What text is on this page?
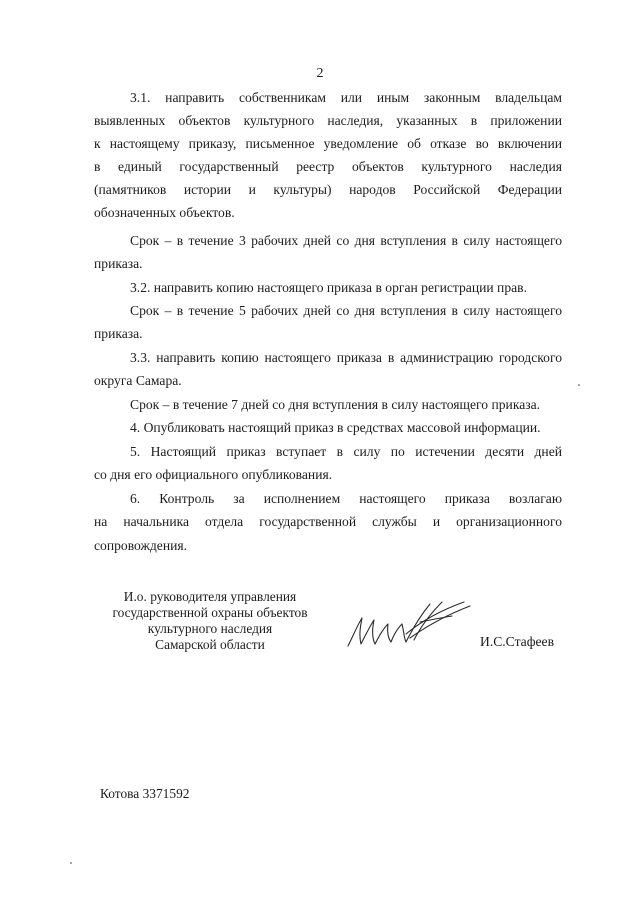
2
3.1. направить собственникам или иным законным владельцам
выявленных объектов культурного наследия, указанных в приложении
к настоящему приказу, письменное уведомление об отказе во включении
в единый государственный реестр объектов культурного наследия
(памятников истории и культуры) народов Российской Федерации
обозначенных объектов.
Срок – в течение 3 рабочих дней со дня вступления в силу настоящего
приказа.
3.2. направить копию настоящего приказа в орган регистрации прав.
Срок – в течение 5 рабочих дней со дня вступления в силу настоящего
приказа.
3.3. направить копию настоящего приказа в администрацию городского
округа Самара.
Срок – в течение 7 дней со дня вступления в силу настоящего приказа.
4. Опубликовать настоящий приказ в средствах массовой информации.
5. Настоящий приказ вступает в силу по истечении десяти дней
со дня его официального опубликования.
6. Контроль за исполнением настоящего приказа возлагаю
на начальника отдела государственной службы и организационного
сопровождения.
И.о. руководителя управления
государственной охраны объектов
культурного наследия
Самарской области	И.С.Стафеев
Котова 3371592
